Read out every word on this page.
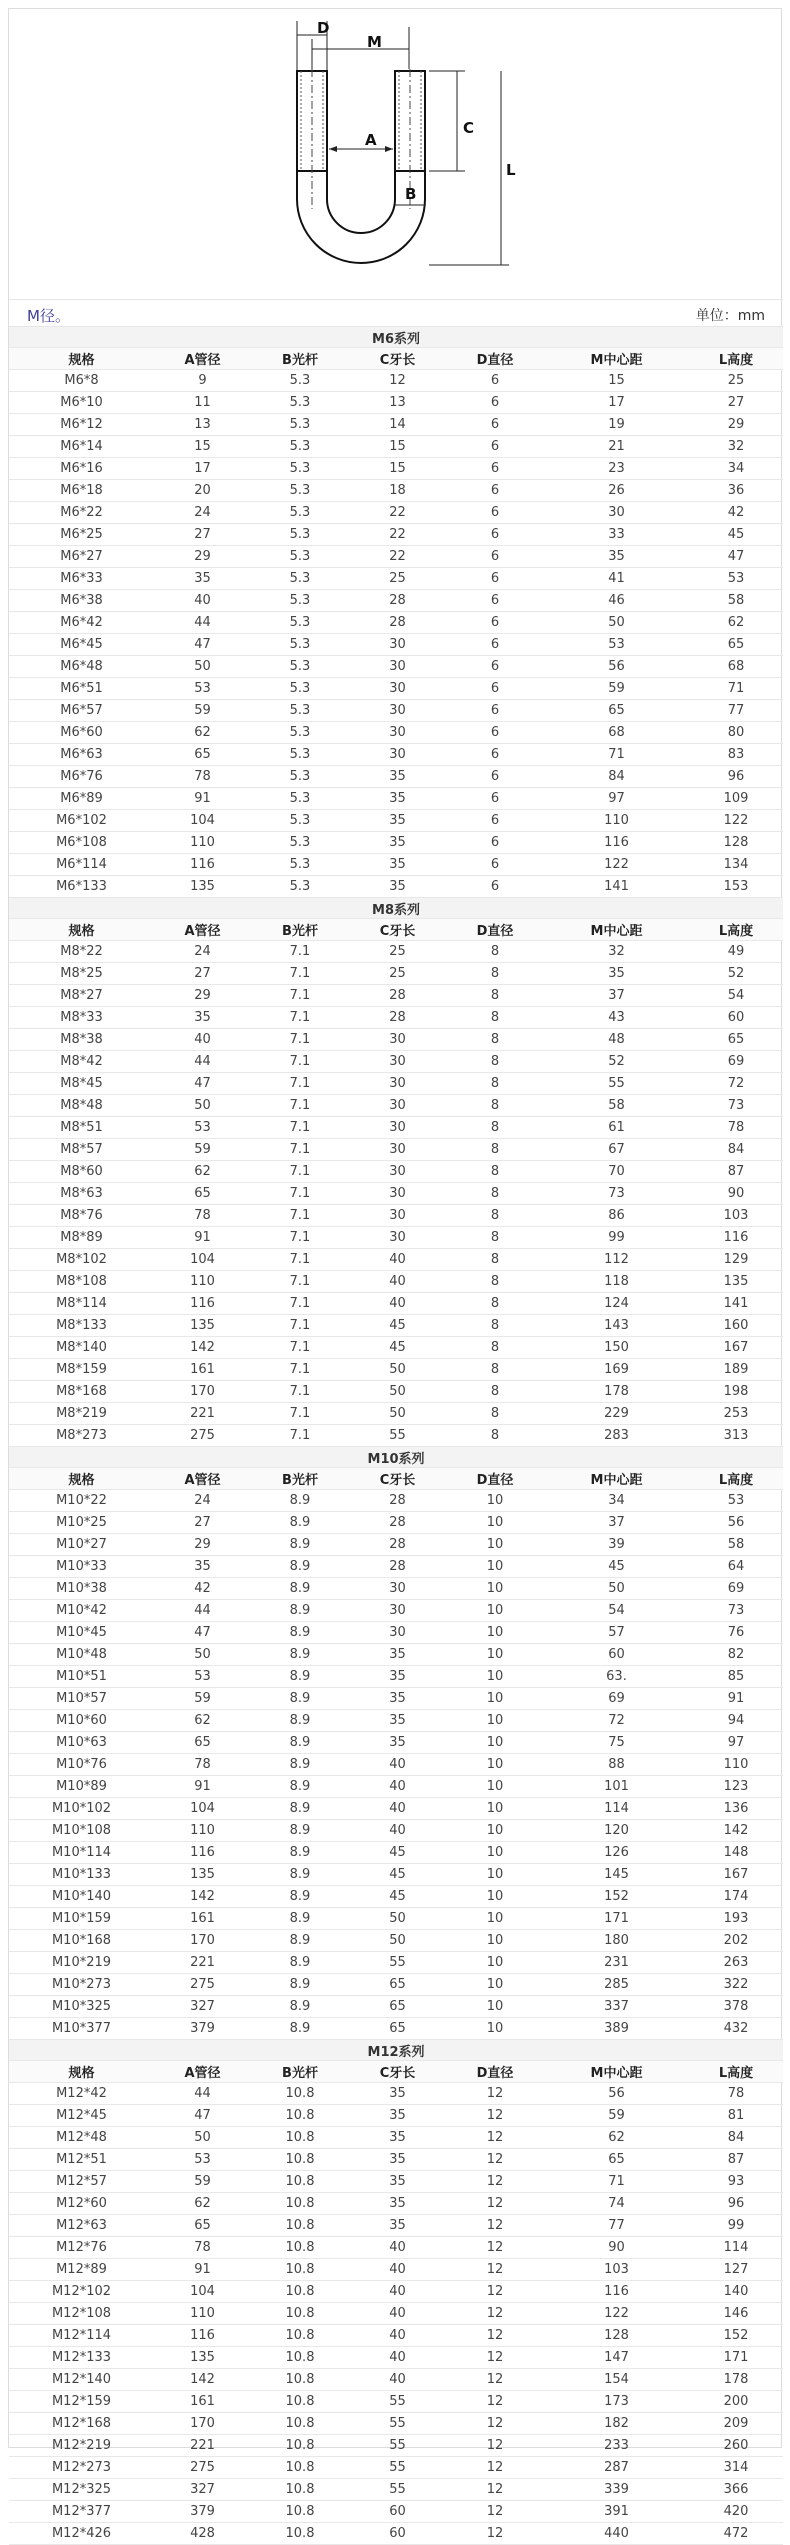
D
M
A
B
C
L
M径。	单位：mm
M6系列						
规格	A管径	B光杆	C牙长	D直径	M中心距	L高度
M6*8	9	5.3	12	6	15	25
M6*10	11	5.3	13	6	17	27
M6*12	13	5.3	14	6	19	29
M6*14	15	5.3	15	6	21	32
M6*16	17	5.3	15	6	23	34
M6*18	20	5.3	18	6	26	36
M6*22	24	5.3	22	6	30	42
M6*25	27	5.3	22	6	33	45
M6*27	29	5.3	22	6	35	47
M6*33	35	5.3	25	6	41	53
M6*38	40	5.3	28	6	46	58
M6*42	44	5.3	28	6	50	62
M6*45	47	5.3	30	6	53	65
M6*48	50	5.3	30	6	56	68
M6*51	53	5.3	30	6	59	71
M6*57	59	5.3	30	6	65	77
M6*60	62	5.3	30	6	68	80
M6*63	65	5.3	30	6	71	83
M6*76	78	5.3	35	6	84	96
M6*89	91	5.3	35	6	97	109
M6*102	104	5.3	35	6	110	122
M6*108	110	5.3	35	6	116	128
M6*114	116	5.3	35	6	122	134
M6*133	135	5.3	35	6	141	153
M8系列						
规格	A管径	B光杆	C牙长	D直径	M中心距	L高度
M8*22	24	7.1	25	8	32	49
M8*25	27	7.1	25	8	35	52
M8*27	29	7.1	28	8	37	54
M8*33	35	7.1	28	8	43	60
M8*38	40	7.1	30	8	48	65
M8*42	44	7.1	30	8	52	69
M8*45	47	7.1	30	8	55	72
M8*48	50	7.1	30	8	58	73
M8*51	53	7.1	30	8	61	78
M8*57	59	7.1	30	8	67	84
M8*60	62	7.1	30	8	70	87
M8*63	65	7.1	30	8	73	90
M8*76	78	7.1	30	8	86	103
M8*89	91	7.1	30	8	99	116
M8*102	104	7.1	40	8	112	129
M8*108	110	7.1	40	8	118	135
M8*114	116	7.1	40	8	124	141
M8*133	135	7.1	45	8	143	160
M8*140	142	7.1	45	8	150	167
M8*159	161	7.1	50	8	169	189
M8*168	170	7.1	50	8	178	198
M8*219	221	7.1	50	8	229	253
M8*273	275	7.1	55	8	283	313
M10系列						
规格	A管径	B光杆	C牙长	D直径	M中心距	L高度
M10*22	24	8.9	28	10	34	53
M10*25	27	8.9	28	10	37	56
M10*27	29	8.9	28	10	39	58
M10*33	35	8.9	28	10	45	64
M10*38	42	8.9	30	10	50	69
M10*42	44	8.9	30	10	54	73
M10*45	47	8.9	30	10	57	76
M10*48	50	8.9	35	10	60	82
M10*51	53	8.9	35	10	63.	85
M10*57	59	8.9	35	10	69	91
M10*60	62	8.9	35	10	72	94
M10*63	65	8.9	35	10	75	97
M10*76	78	8.9	40	10	88	110
M10*89	91	8.9	40	10	101	123
M10*102	104	8.9	40	10	114	136
M10*108	110	8.9	40	10	120	142
M10*114	116	8.9	45	10	126	148
M10*133	135	8.9	45	10	145	167
M10*140	142	8.9	45	10	152	174
M10*159	161	8.9	50	10	171	193
M10*168	170	8.9	50	10	180	202
M10*219	221	8.9	55	10	231	263
M10*273	275	8.9	65	10	285	322
M10*325	327	8.9	65	10	337	378
M10*377	379	8.9	65	10	389	432
M12系列						
规格	A管径	B光杆	C牙长	D直径	M中心距	L高度
M12*42	44	10.8	35	12	56	78
M12*45	47	10.8	35	12	59	81
M12*48	50	10.8	35	12	62	84
M12*51	53	10.8	35	12	65	87
M12*57	59	10.8	35	12	71	93
M12*60	62	10.8	35	12	74	96
M12*63	65	10.8	35	12	77	99
M12*76	78	10.8	40	12	90	114
M12*89	91	10.8	40	12	103	127
M12*102	104	10.8	40	12	116	140
M12*108	110	10.8	40	12	122	146
M12*114	116	10.8	40	12	128	152
M12*133	135	10.8	40	12	147	171
M12*140	142	10.8	40	12	154	178
M12*159	161	10.8	55	12	173	200
M12*168	170	10.8	55	12	182	209
M12*219	221	10.8	55	12	233	260
M12*273	275	10.8	55	12	287	314
M12*325	327	10.8	55	12	339	366
M12*377	379	10.8	60	12	391	420
M12*426	428	10.8	60	12	440	472
